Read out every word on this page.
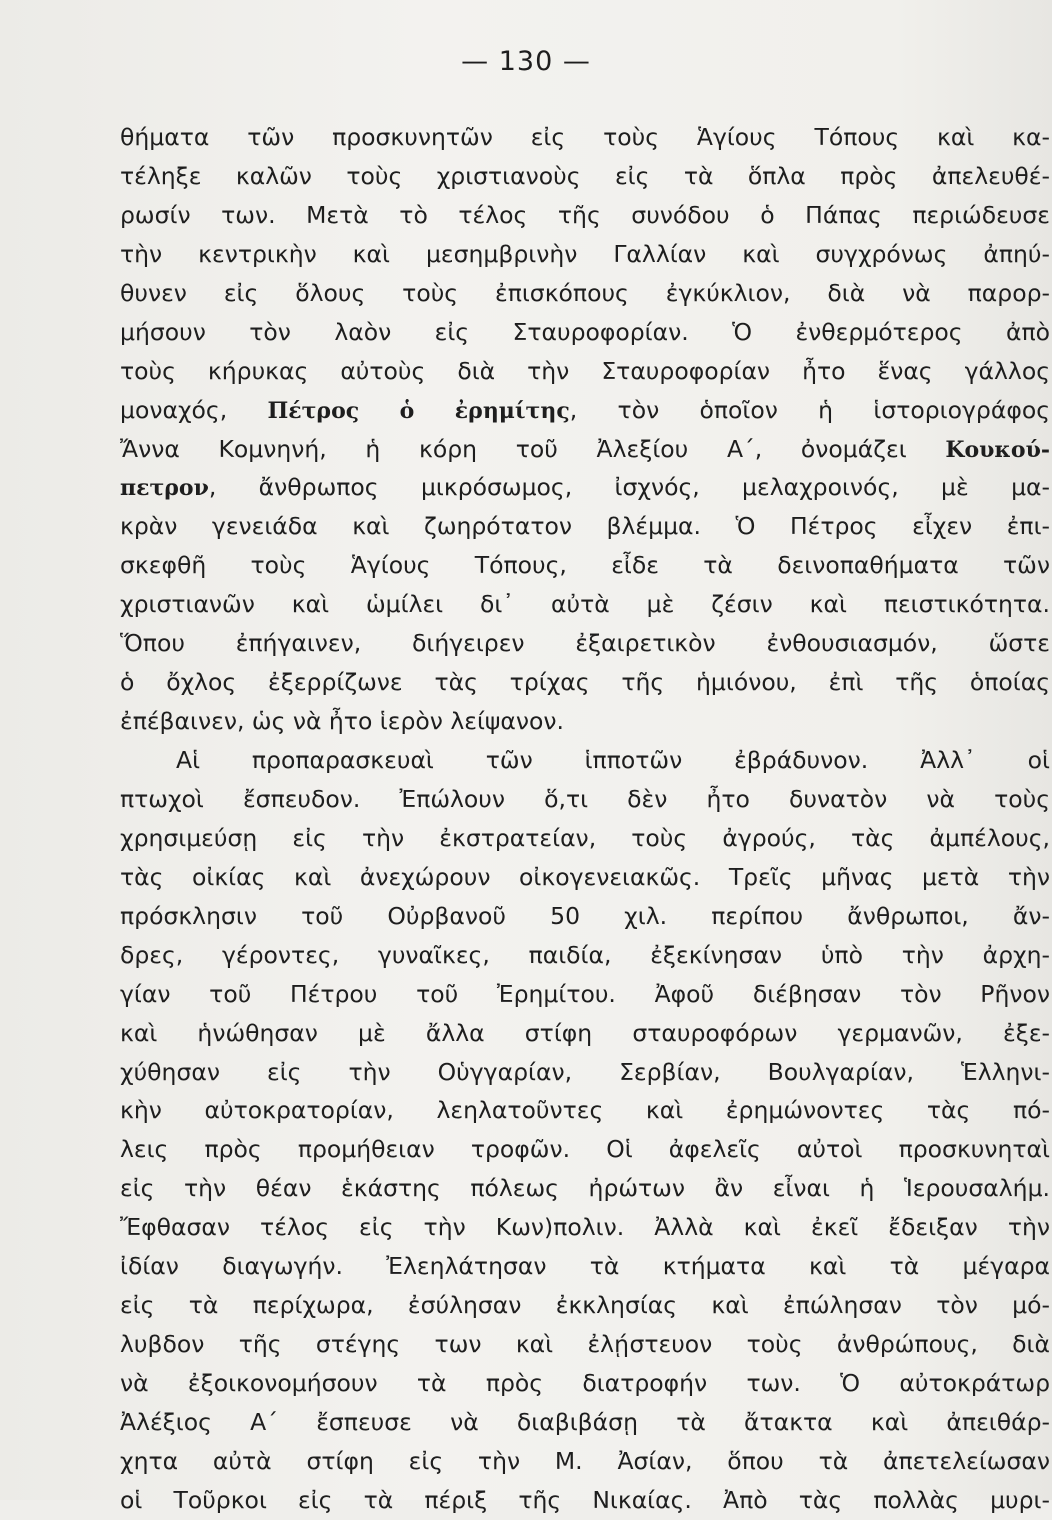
— 130 —
θήματα τῶν προσκυνητῶν εἰς τοὺς Ἁγίους Τόπους καὶ κα-
τέληξε καλῶν τοὺς χριστιανοὺς εἰς τὰ ὅπλα πρὸς ἀπελευθέ-
ρωσίν των. Μετὰ τὸ τέλος τῆς συνόδου ὁ Πάπας περιώδευσε
τὴν κεντρικὴν καὶ μεσημβρινὴν Γαλλίαν καὶ συγχρόνως ἀπηύ-
θυνεν εἰς ὅλους τοὺς ἐπισκόπους ἐγκύκλιον, διὰ νὰ παρορ-
μήσουν τὸν λαὸν εἰς Σταυροφορίαν. Ὁ ἐνθερμότερος ἀπὸ
τοὺς κήρυκας αὐτοὺς διὰ τὴν Σταυροφορίαν ἦτο ἕνας γάλλος
μοναχός, Πέτρος ὁ ἐρημίτης, τὸν ὁποῖον ἡ ἱστοριογράφος
Ἄννα Κομνηνή, ἡ κόρη τοῦ Ἀλεξίου Α΄, ὀνομάζει Κουκού-
πετρον, ἄνθρωπος μικρόσωμος, ἰσχνός, μελαχροινός, μὲ μα-
κρὰν γενειάδα καὶ ζωηρότατον βλέμμα. Ὁ Πέτρος εἶχεν ἐπι-
σκεφθῆ τοὺς Ἁγίους Τόπους, εἶδε τὰ δεινοπαθήματα τῶν
χριστιανῶν καὶ ὡμίλει δι᾿ αὐτὰ μὲ ζέσιν καὶ πειστικότητα.
Ὅπου ἐπήγαινεν, διήγειρεν ἐξαιρετικὸν ἐνθουσιασμόν, ὥστε
ὁ ὄχλος ἐξερρίζωνε τὰς τρίχας τῆς ἡμιόνου, ἐπὶ τῆς ὁποίας
ἐπέβαινεν, ὡς νὰ ἦτο ἱερὸν λείψανον.
Αἱ προπαρασκευαὶ τῶν ἱπποτῶν ἐβράδυνον. Ἀλλ᾿ οἱ
πτωχοὶ ἔσπευδον. Ἐπώλουν ὅ,τι δὲν ἦτο δυνατὸν νὰ τοὺς
χρησιμεύσῃ εἰς τὴν ἐκστρατείαν, τοὺς ἀγρούς, τὰς ἀμπέλους,
τὰς οἰκίας καὶ ἀνεχώρουν οἰκογενειακῶς. Τρεῖς μῆνας μετὰ τὴν
πρόσκλησιν τοῦ Οὐρβανοῦ 50 χιλ. περίπου ἄνθρωποι, ἄν-
δρες, γέροντες, γυναῖκες, παιδία, ἐξεκίνησαν ὑπὸ τὴν ἀρχη-
γίαν τοῦ Πέτρου τοῦ Ἐρημίτου. Ἀφοῦ διέβησαν τὸν Ρῆνον
καὶ ἡνώθησαν μὲ ἄλλα στίφη σταυροφόρων γερμανῶν, ἐξε-
χύθησαν εἰς τὴν Οὑγγαρίαν, Σερβίαν, Βουλγαρίαν, Ἑλληνι-
κὴν αὐτοκρατορίαν, λεηλατοῦντες καὶ ἐρημώνοντες τὰς πό-
λεις πρὸς προμήθειαν τροφῶν. Οἱ ἀφελεῖς αὐτοὶ προσκυνηταὶ
εἰς τὴν θέαν ἑκάστης πόλεως ἠρώτων ἂν εἶναι ἡ Ἱερουσαλήμ.
Ἔφθασαν τέλος εἰς τὴν Κων)πολιν. Ἀλλὰ καὶ ἐκεῖ ἔδειξαν τὴν
ἰδίαν διαγωγήν. Ἐλεηλάτησαν τὰ κτήματα καὶ τὰ μέγαρα
εἰς τὰ περίχωρα, ἐσύλησαν ἐκκλησίας καὶ ἐπώλησαν τὸν μό-
λυβδον τῆς στέγης των καὶ ἐλῄστευον τοὺς ἀνθρώπους, διὰ
νὰ ἐξοικονομήσουν τὰ πρὸς διατροφήν των. Ὁ αὐτοκράτωρ
Ἀλέξιος Α΄ ἔσπευσε νὰ διαβιβάσῃ τὰ ἄτακτα καὶ ἀπειθάρ-
χητα αὐτὰ στίφη εἰς τὴν Μ. Ἀσίαν, ὅπου τὰ ἀπετελείωσαν
οἱ Τοῦρκοι εἰς τὰ πέριξ τῆς Νικαίας. Ἀπὸ τὰς πολλὰς μυρι-
